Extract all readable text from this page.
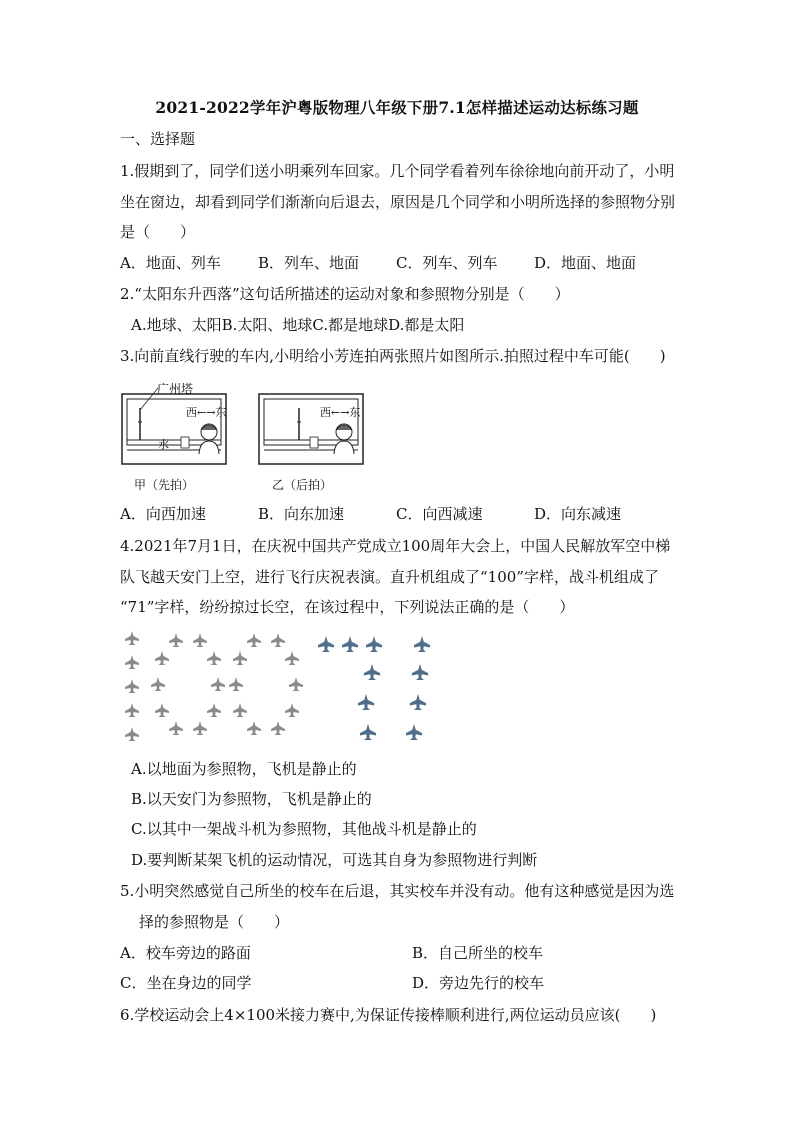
2021-2022学年沪粤版物理八年级下册7.1怎样描述运动达标练习题
一、选择题
1.假期到了，同学们送小明乘列车回家。几个同学看着列车徐徐地向前开动了，小明
坐在窗边，却看到同学们渐渐向后退去，原因是几个同学和小明所选择的参照物分别
是（　　）
A．地面、列车 B．列车、地面 C．列车、列车 D．地面、地面
2.“太阳东升西落”这句话所描述的运动对象和参照物分别是（　　）
A.地球、太阳B.太阳、地球C.都是地球D.都是太阳
3.向前直线行驶的车内,小明给小芳连拍两张照片如图所示.拍照过程中车可能(　　)
广州塔
西←→东
水
甲（先拍）
西←→东
乙（后拍）
A．向西加速	B．向东加速	C．向西减速	D．向东减速
4.2021年7月1日，在庆祝中国共产党成立100周年大会上，中国人民解放军空中梯
队飞越天安门上空，进行飞行庆祝表演。直升机组成了“100”字样，战斗机组成了
“71”字样，纷纷掠过长空，在该过程中，下列说法正确的是（　　）
A.以地面为参照物，飞机是静止的
B.以天安门为参照物，飞机是静止的
C.以其中一架战斗机为参照物，其他战斗机是静止的
D.要判断某架飞机的运动情况，可选其自身为参照物进行判断
5.小明突然感觉自己所坐的校车在后退，其实校车并没有动。他有这种感觉是因为选
择的参照物是（　　）
A．校车旁边的路面	B．自己所坐的校车
C．坐在身边的同学	D．旁边先行的校车
6.学校运动会上4×100米接力赛中,为保证传接棒顺利进行,两位运动员应该(　　)
